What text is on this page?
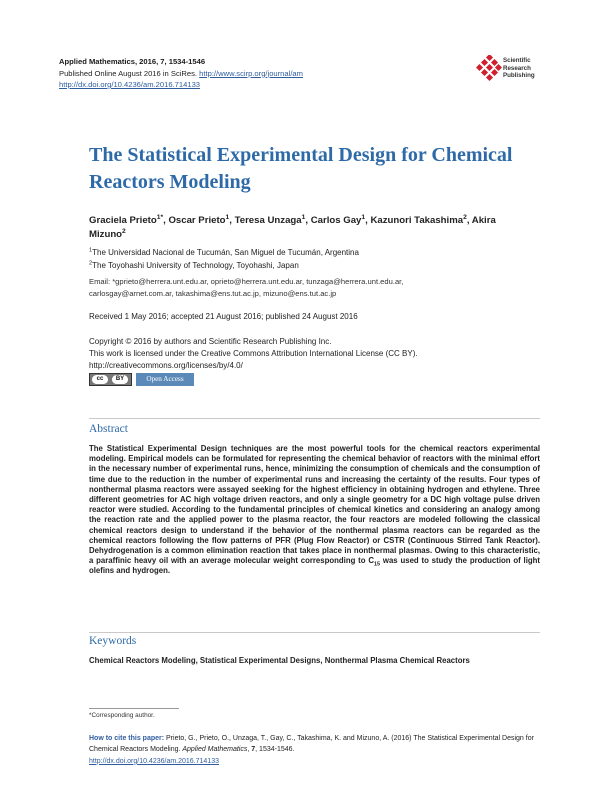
Applied Mathematics, 2016, 7, 1534-1546
Published Online August 2016 in SciRes. http://www.scirp.org/journal/am
http://dx.doi.org/10.4236/am.2016.714133
Scientific
Research
Publishing
The Statistical Experimental Design for Chemical Reactors Modeling
Graciela Prieto$^{1*}$, Oscar Prieto$^1$, Teresa Unzaga$^1$, Carlos Gay$^1$, Kazunori Takashima$^2$, Akira Mizuno$^2$
$^1$The Universidad Nacional de Tucumán, San Miguel de Tucumán, Argentina
$^2$The Toyohashi University of Technology, Toyohashi, Japan
Email: *gprieto@herrera.unt.edu.ar, oprieto@herrera.unt.edu.ar, tunzaga@herrera.unt.edu.ar,
carlosgay@arnet.com.ar, takashima@ens.tut.ac.jp, mizuno@ens.tut.ac.jp
Received 1 May 2016; accepted 21 August 2016; published 24 August 2016
Copyright © 2016 by authors and Scientific Research Publishing Inc.
This work is licensed under the Creative Commons Attribution International License (CC BY).
http://creativecommons.org/licenses/by/4.0/
cc	BY	Open Access
Abstract
The Statistical Experimental Design techniques are the most powerful tools for the chemical reactors experimental modeling. Empirical models can be formulated for representing the chemical behavior of reactors with the minimal effort in the necessary number of experimental runs, hence, minimizing the consumption of chemicals and the consumption of time due to the reduction in the number of experimental runs and increasing the certainty of the results. Four types of nonthermal plasma reactors were assayed seeking for the highest efficiency in obtaining hydrogen and ethylene. Three different geometries for AC high voltage driven reactors, and only a single geometry for a DC high voltage pulse driven reactor were studied. According to the fundamental principles of chemical kinetics and considering an analogy among the reaction rate and the applied power to the plasma reactor, the four reactors are modeled following the classical chemical reactors design to understand if the behavior of the nonthermal plasma reactors can be regarded as the chemical reactors following the flow patterns of PFR (Plug Flow Reactor) or CSTR (Continuous Stirred Tank Reactor). Dehydrogenation is a common elimination reaction that takes place in nonthermal plasmas. Owing to this characteristic, a paraffinic heavy oil with an average molecular weight corresponding to $C_{15}$ was used to study the production of light olefins and hydrogen.
Keywords
Chemical Reactors Modeling, Statistical Experimental Designs, Nonthermal Plasma Chemical Reactors
*Corresponding author.
How to cite this paper: Prieto, G., Prieto, O., Unzaga, T., Gay, C., Takashima, K. and Mizuno, A. (2016) The Statistical Experimental Design for Chemical Reactors Modeling. Applied Mathematics, 7, 1534-1546.
http://dx.doi.org/10.4236/am.2016.714133
